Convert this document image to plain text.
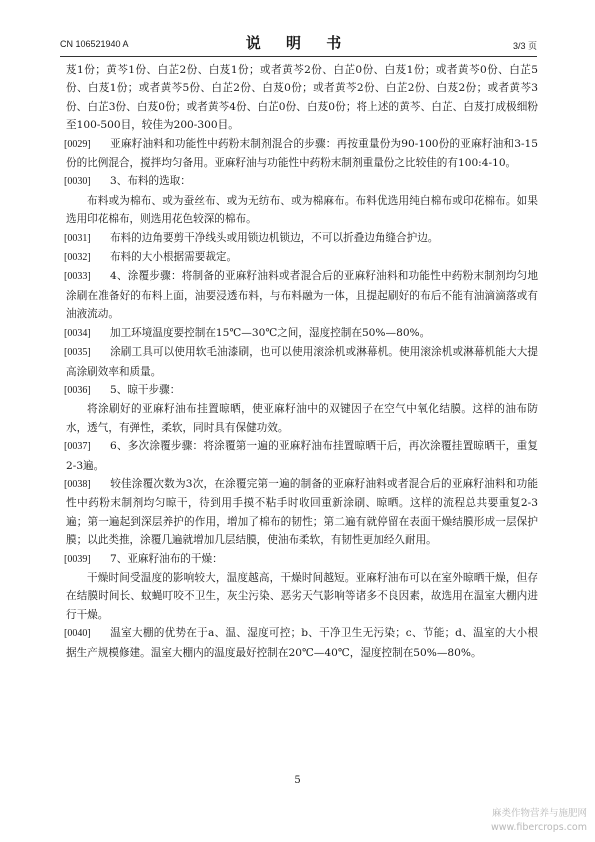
CN 106521940 A	说 明 书	3/3 页

芨1份；黄芩1份、白芷2份、白芨1份；或者黄芩2份、白芷0份、白芨1份；或者黄芩0份、白芷5份、白芨1份；或者黄芩5份、白芷2份、白芨0份；或者黄芩2份、白芷2份、白芨2份；或者黄芩3份、白芷3份、白芨0份；或者黄芩4份、白芷0份、白芨0份；将上述的黄芩、白芷、白芨打成极细粉至100-500目，较佳为200-300目。

[0029] 亚麻籽油料和功能性中药粉末制剂混合的步骤：再按重量份为90-100份的亚麻籽油和3-15份的比例混合，搅拌均匀备用。亚麻籽油与功能性中药粉末制剂重量份之比较佳的有100:4-10。

[0030] 3、布料的选取：

布料或为棉布、或为蚕丝布、或为无纺布、或为棉麻布。布料优选用纯白棉布或印花棉布。如果选用印花棉布，则选用花色较深的棉布。

[0031] 布料的边角要剪干净线头或用锁边机锁边，不可以折叠边角缝合护边。

[0032] 布料的大小根据需要裁定。

[0033] 4、涂覆步骤：将制备的亚麻籽油料或者混合后的亚麻籽油料和功能性中药粉末制剂均匀地涂刷在准备好的布料上面，油要浸透布料，与布料融为一体，且提起刷好的布后不能有油滴滴落或有油液流动。

[0034] 加工环境温度要控制在15℃—30℃之间，湿度控制在50%—80%。

[0035] 涂刷工具可以使用软毛油漆刷，也可以使用滚涂机或淋幕机。使用滚涂机或淋幕机能大大提高涂刷效率和质量。

[0036] 5、晾干步骤：

将涂刷好的亚麻籽油布挂置晾晒，使亚麻籽油中的双键因子在空气中氧化结膜。这样的油布防水，透气，有弹性，柔软，同时具有保健功效。

[0037] 6、多次涂覆步骤：将涂覆第一遍的亚麻籽油布挂置晾晒干后，再次涂覆挂置晾晒干，重复2-3遍。

[0038] 较佳涂覆次数为3次，在涂覆完第一遍的制备的亚麻籽油料或者混合后的亚麻籽油料和功能性中药粉末制剂均匀晾干，待到用手摸不粘手时收回重新涂刷、晾晒。这样的流程总共要重复2-3遍；第一遍起到深层养护的作用，增加了棉布的韧性；第二遍有就停留在表面干燥结膜形成一层保护膜；以此类推，涂覆几遍就增加几层结膜，使油布柔软，有韧性更加经久耐用。

[0039] 7、亚麻籽油布的干燥：

干燥时间受温度的影响较大，温度越高，干燥时间越短。亚麻籽油布可以在室外晾晒干燥，但存在结膜时间长、蚊蝇叮咬不卫生，灰尘污染、恶劣天气影响等诸多不良因素，故选用在温室大棚内进行干燥。

[0040] 温室大棚的优势在于a、温、湿度可控；b、干净卫生无污染；c、节能；d、温室的大小根据生产规模修建。温室大棚内的温度最好控制在20℃—40℃，湿度控制在50%—80%。

5
麻类作物营养与施肥网
www.fibercrops.com
